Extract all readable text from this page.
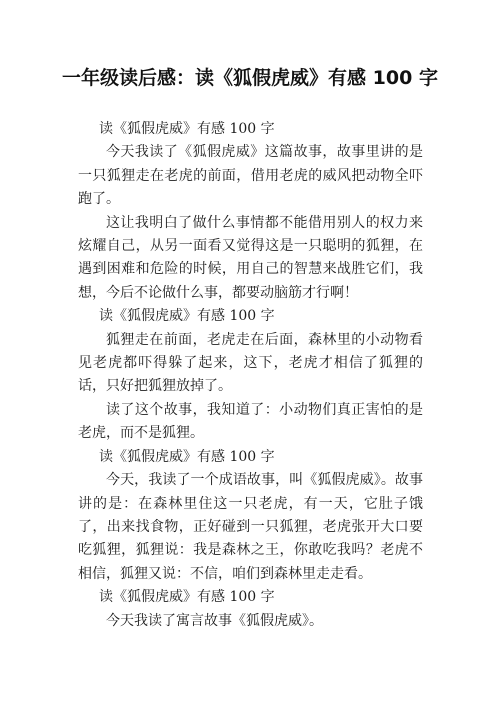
一年级读后感：读《狐假虎威》有感 100 字

读《狐假虎威》有感 100 字

今天我读了《狐假虎威》这篇故事，故事里讲的是一只狐狸走在老虎的前面，借用老虎的威风把动物全吓跑了。

这让我明白了做什么事情都不能借用别人的权力来炫耀自己，从另一面看又觉得这是一只聪明的狐狸，在遇到困难和危险的时候，用自己的智慧来战胜它们，我想，今后不论做什么事，都要动脑筋才行啊！

读《狐假虎威》有感 100 字

狐狸走在前面，老虎走在后面，森林里的小动物看见老虎都吓得躲了起来，这下，老虎才相信了狐狸的话，只好把狐狸放掉了。

读了这个故事，我知道了：小动物们真正害怕的是老虎，而不是狐狸。

读《狐假虎威》有感 100 字

今天，我读了一个成语故事，叫《狐假虎威》。故事讲的是：在森林里住这一只老虎，有一天，它肚子饿了，出来找食物，正好碰到一只狐狸，老虎张开大口要吃狐狸，狐狸说：我是森林之王，你敢吃我吗？老虎不相信，狐狸又说：不信，咱们到森林里走走看。

读《狐假虎威》有感 100 字

今天我读了寓言故事《狐假虎威》。
